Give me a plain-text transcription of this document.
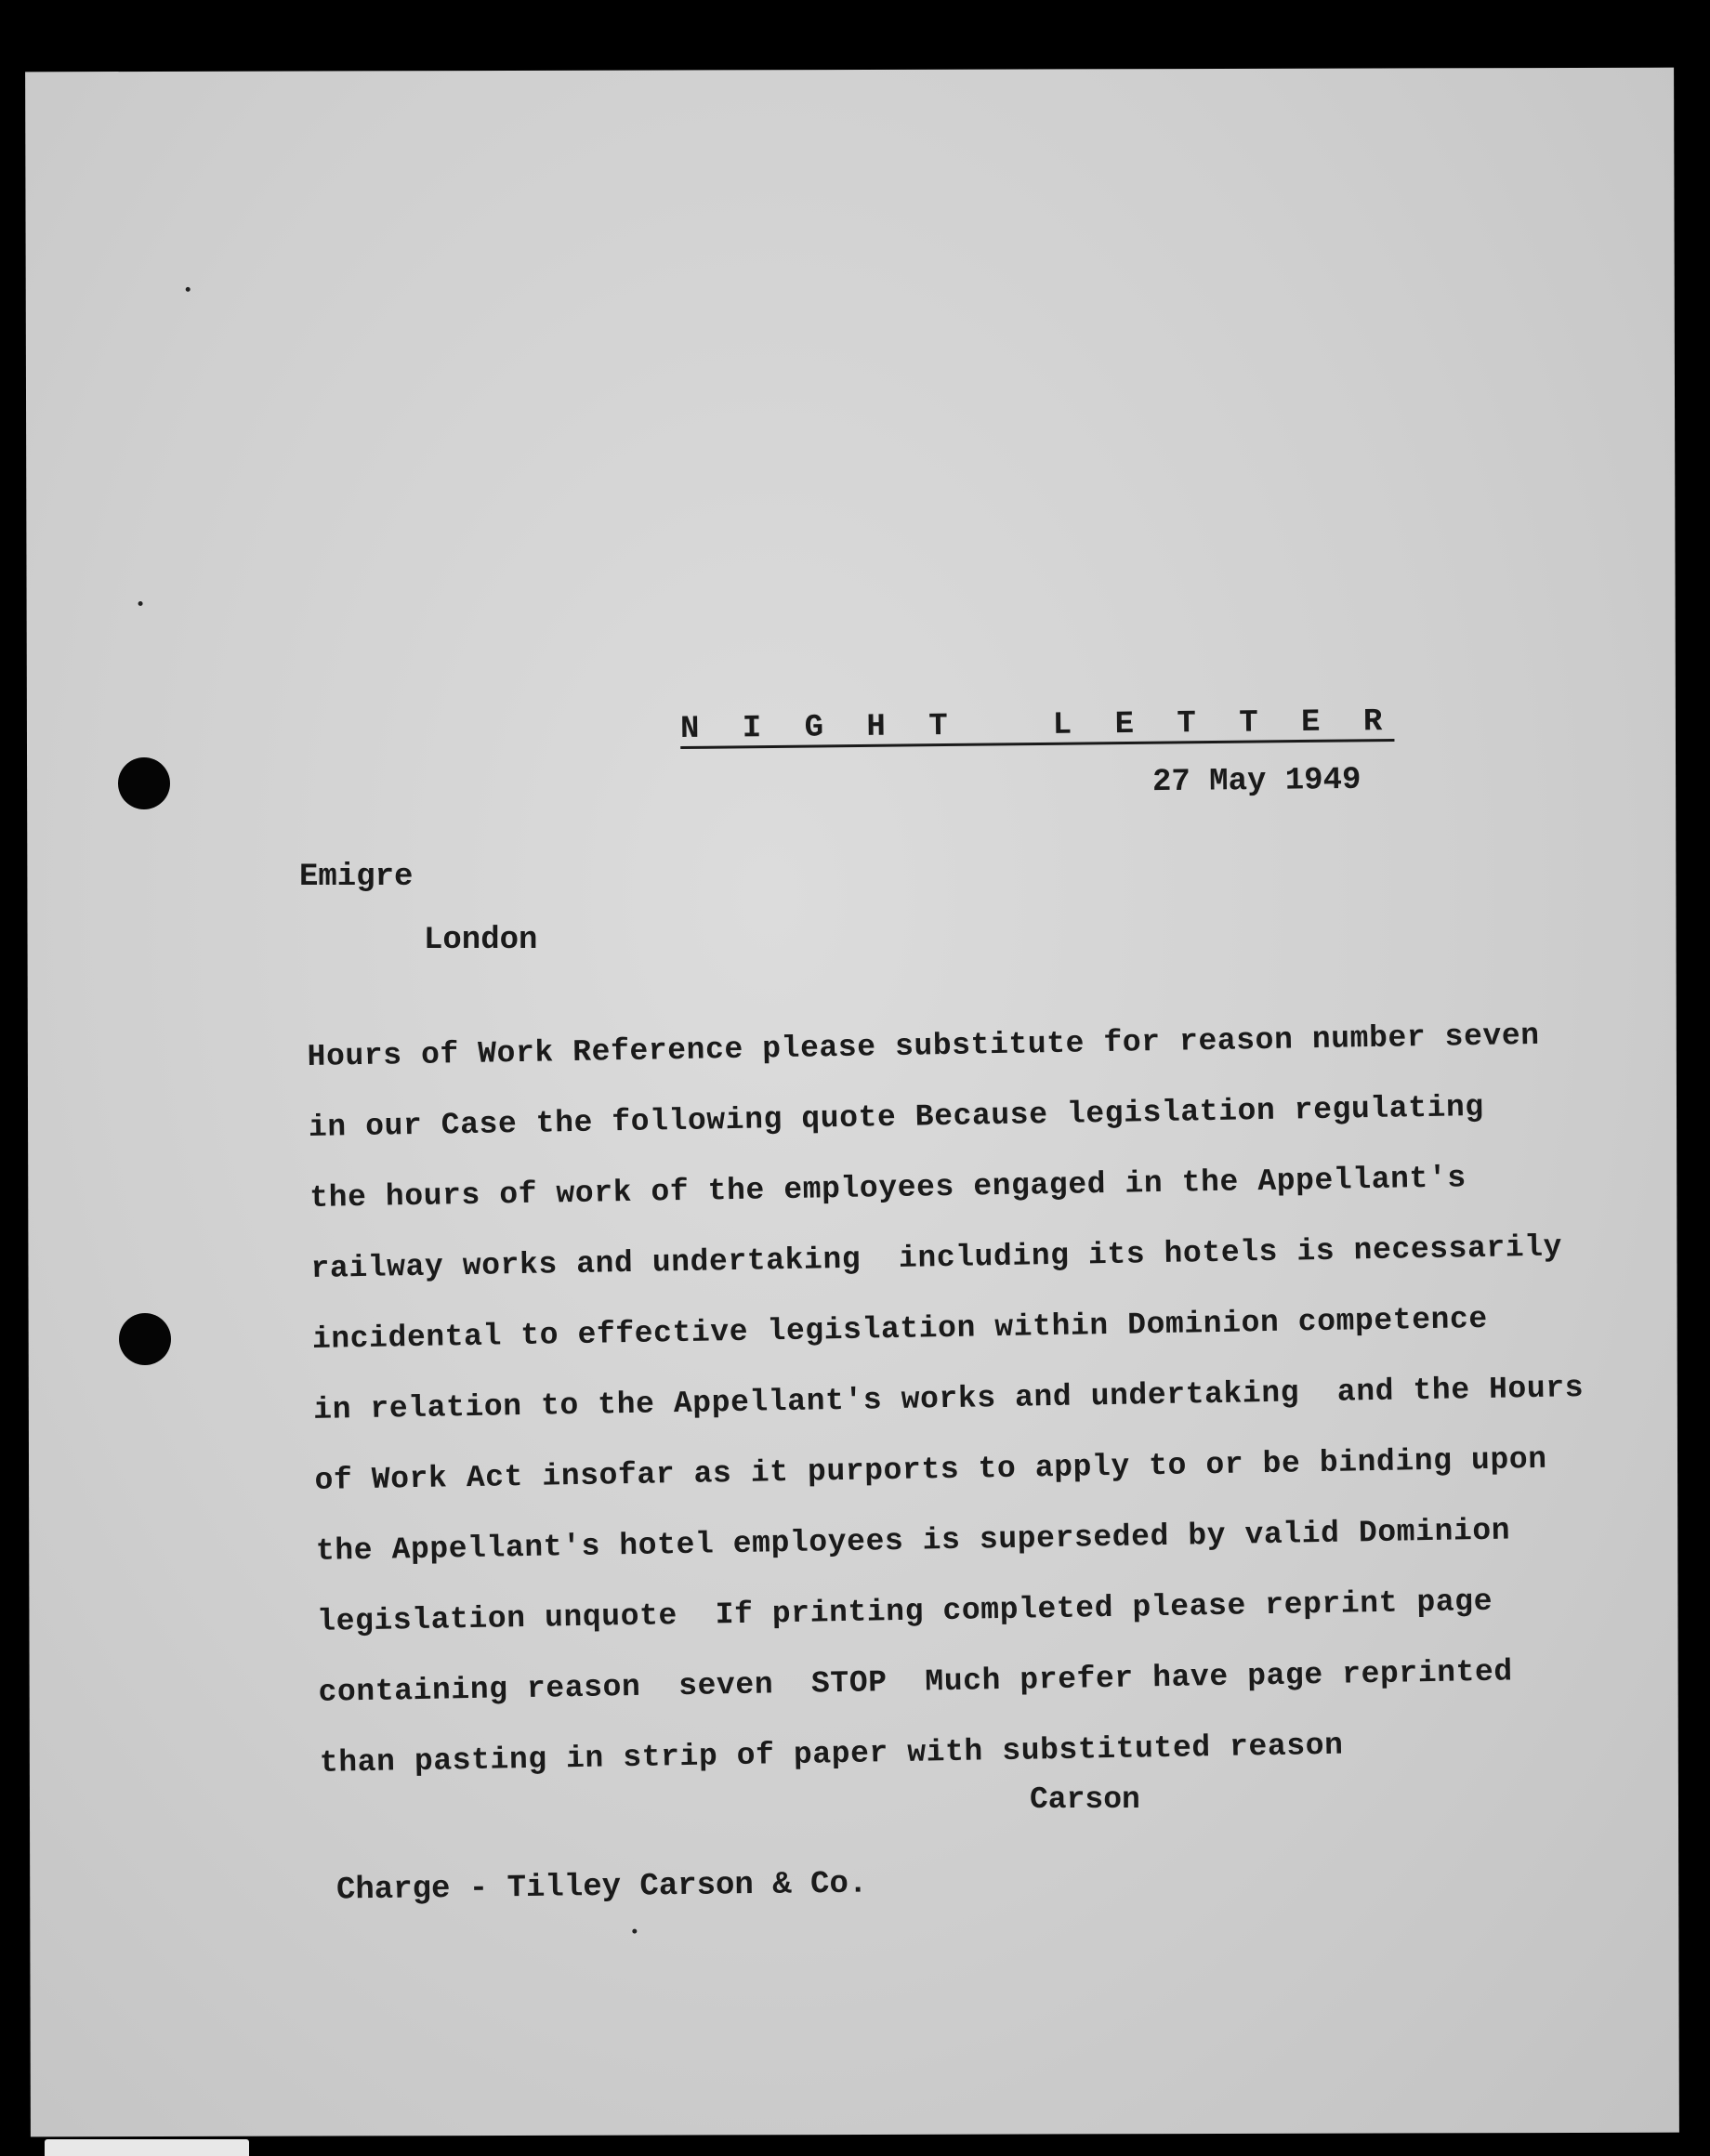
N I G H T   L E T T E R
27 May 1949
Emigre
London
Hours of Work Reference please substitute for reason number seven
in our Case the following quote Because legislation regulating
the hours of work of the employees engaged in the Appellant's
railway works and undertaking  including its hotels is necessarily
incidental to effective legislation within Dominion competence
in relation to the Appellant's works and undertaking  and the Hours
of Work Act insofar as it purports to apply to or be binding upon
the Appellant's hotel employees is superseded by valid Dominion
legislation unquote  If printing completed please reprint page
containing reason  seven  STOP  Much prefer have page reprinted
than pasting in strip of paper with substituted reason
Carson
Charge - Tilley Carson & Co.
